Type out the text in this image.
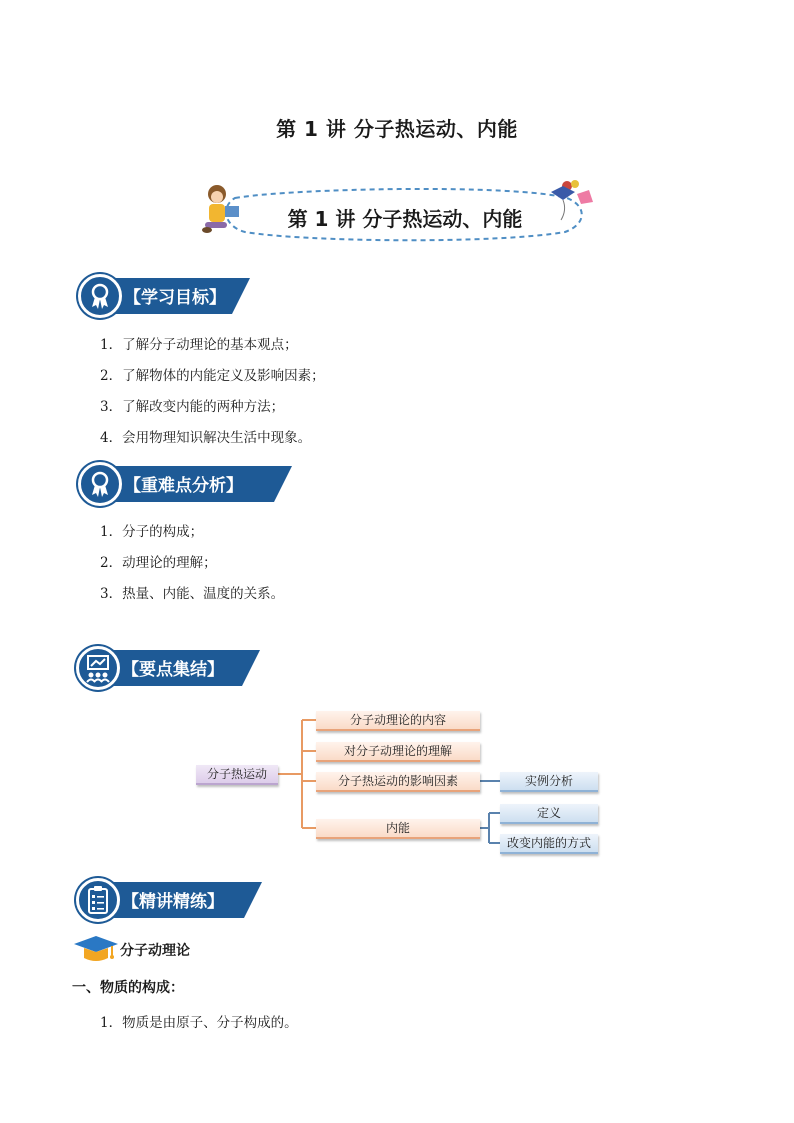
第 1 讲 分子热运动、内能
第 1 讲 分子热运动、内能
【学习目标】
1．了解分子动理论的基本观点；
2．了解物体的内能定义及影响因素；
3．了解改变内能的两种方法；
4．会用物理知识解决生活中现象。
【重难点分析】
1．分子的构成；
2．动理论的理解；
3．热量、内能、温度的关系。
【要点集结】
分子热运动
分子动理论的内容
对分子动理论的理解
分子热运动的影响因素
内能
实例分析
定义
改变内能的方式
【精讲精练】
分子动理论
一、物质的构成：
1．物质是由原子、分子构成的。
